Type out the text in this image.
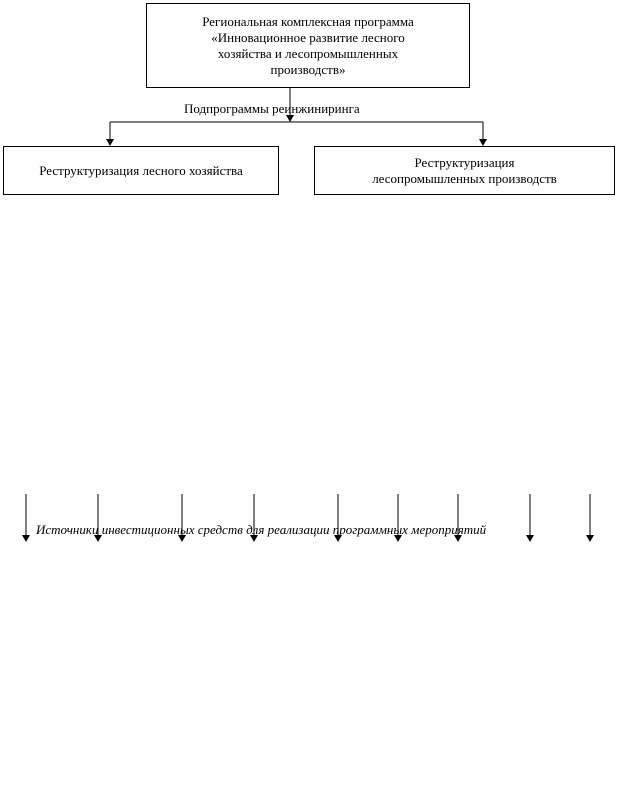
Региональная комплексная программа
«Инновационное развитие лесного
хозяйства и лесопромышленных
производств»
Подпрограммы реинжиниринга
Реструктуризация лесного хозяйства
Реструктуризация
лесопромышленных производств
Источники инвестиционных средств для реализации программных мероприятий
